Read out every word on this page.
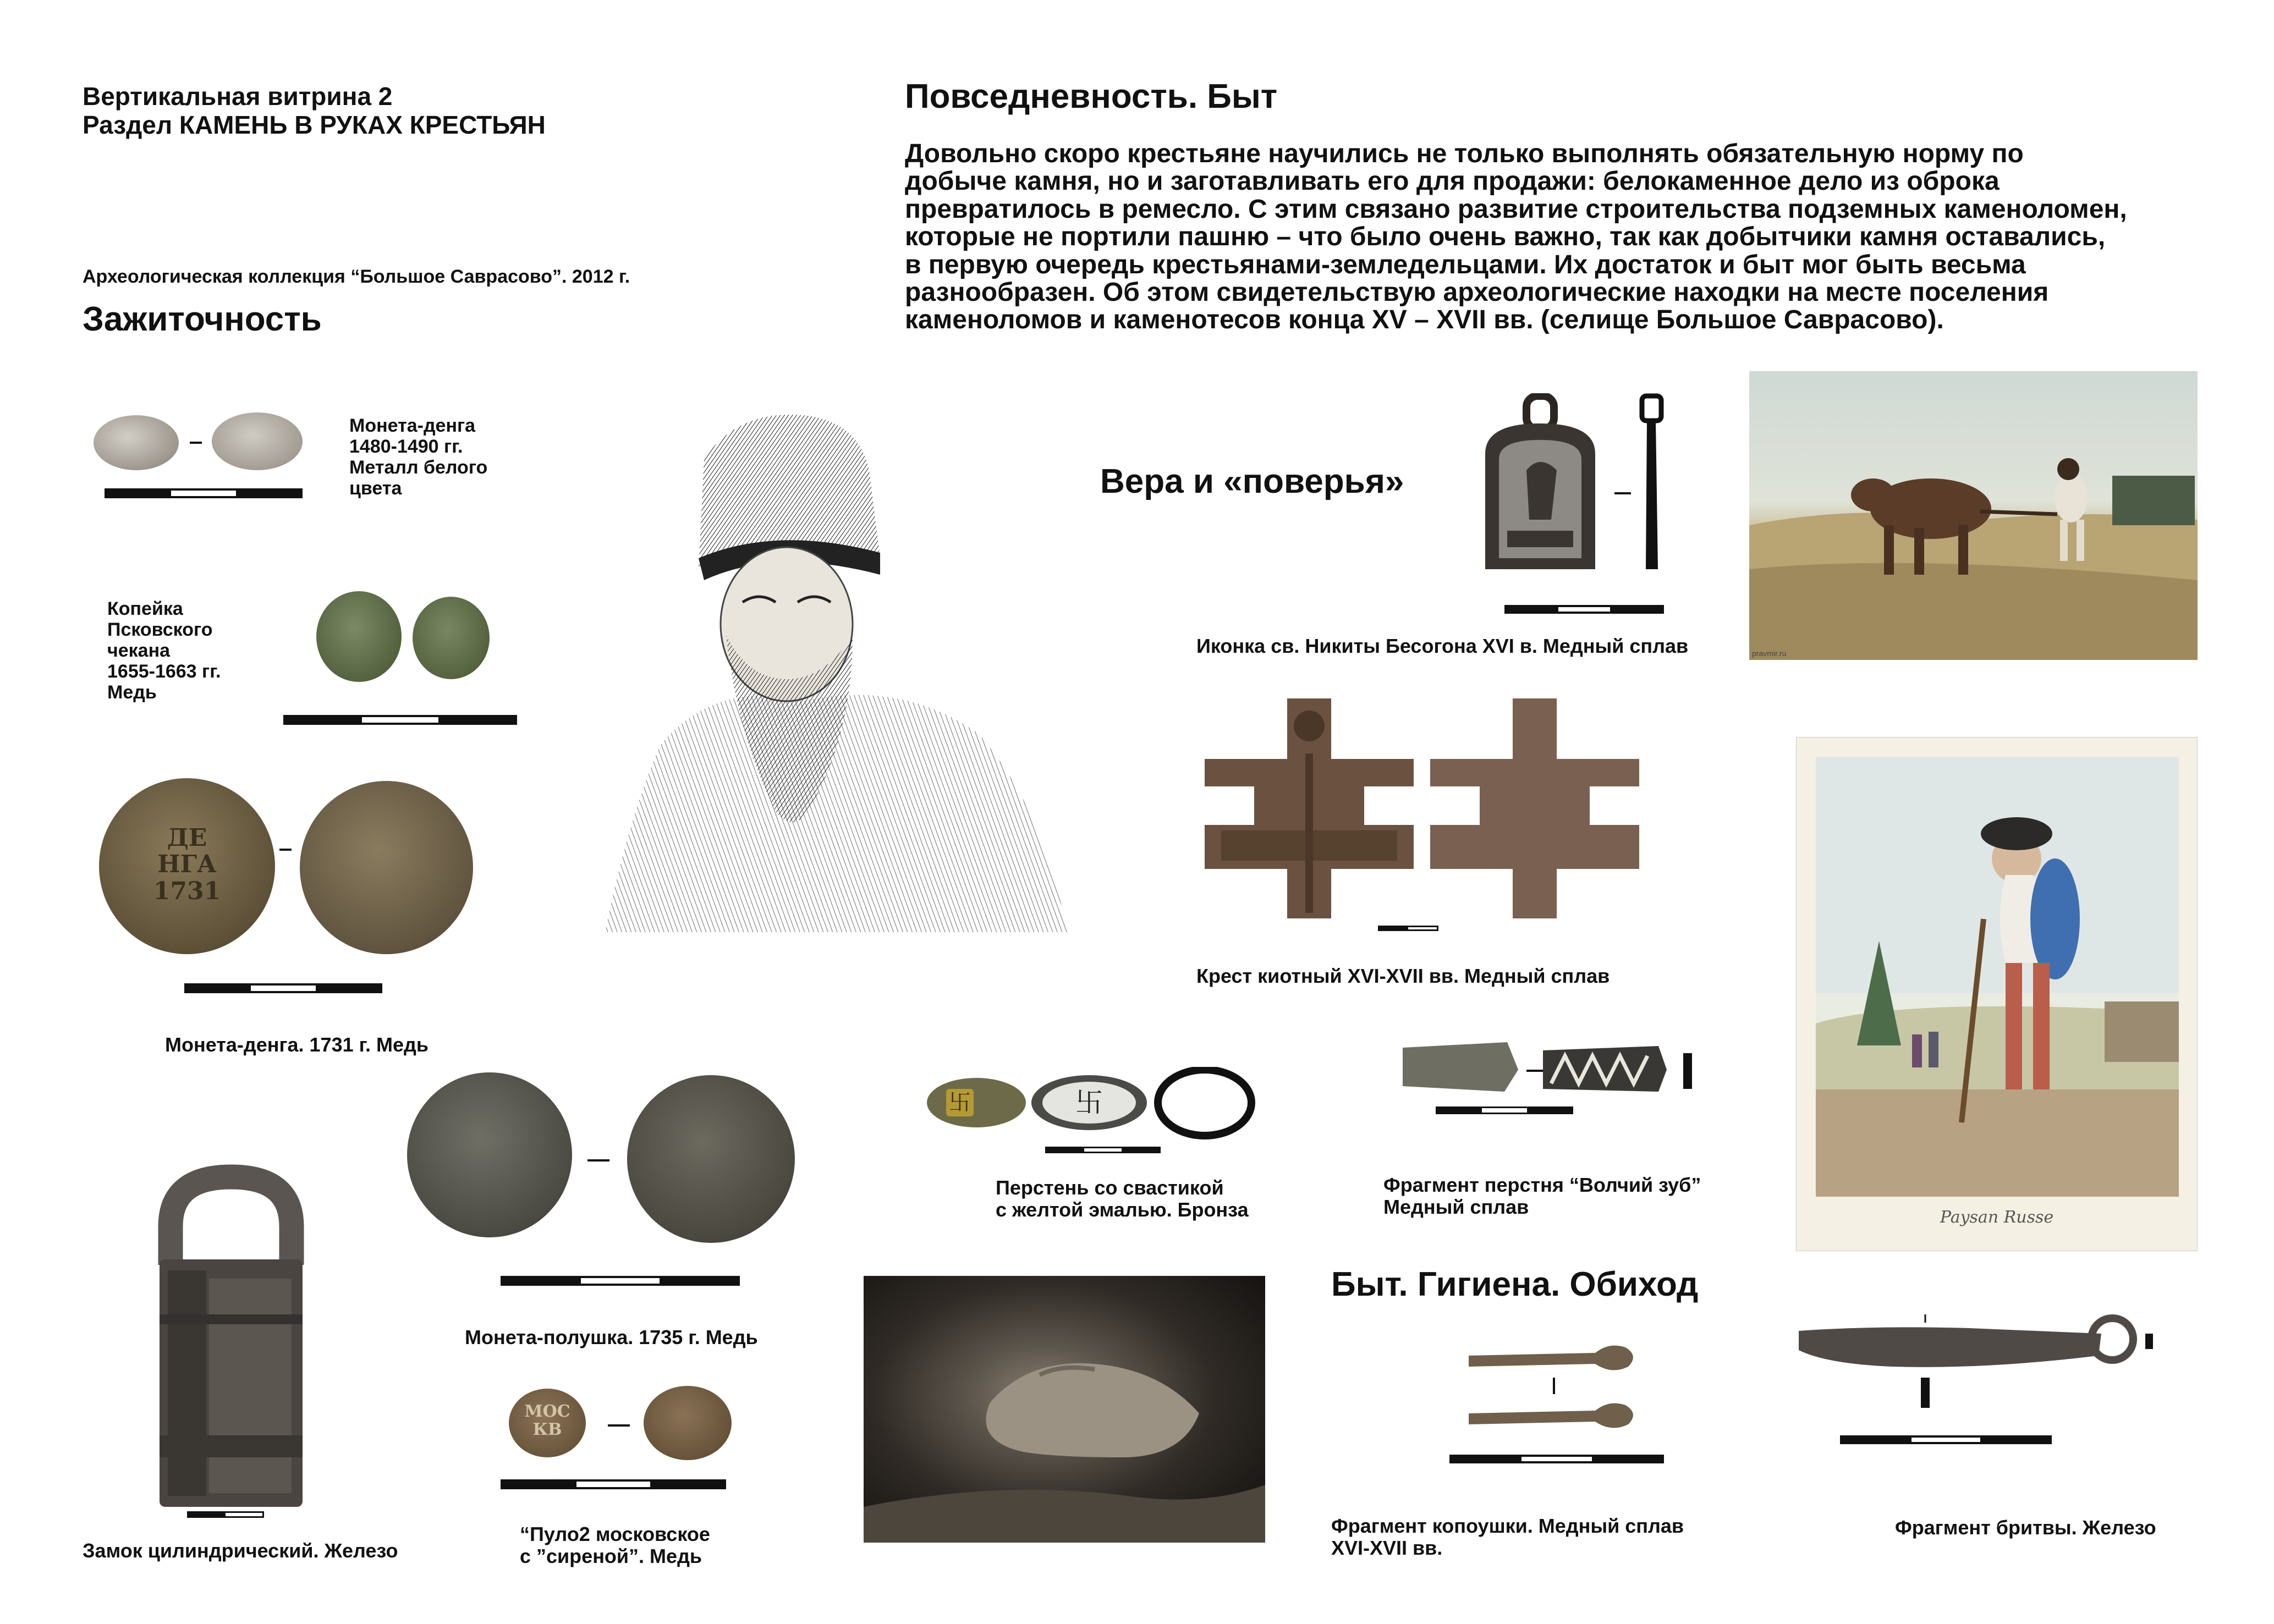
Вертикальная витрина 2
Раздел КАМЕНЬ В РУКАХ КРЕСТЬЯН
Археологическая коллекция “Большое Саврасово”. 2012 г.
Зажиточность
Повседневность. Быт
Довольно скоро крестьяне научились не только выполнять обязательную норму по
добыче камня, но и заготавливать его для продажи: белокаменное дело из оброка
превратилось в ремесло. С этим связано развитие строительства подземных каменоломен,
которые не портили пашню – что было очень важно, так как добытчики камня оставались,
в первую очередь крестьянами-земледельцами. Их достаток и быт мог быть весьма
разнообразен. Об этом свидетельствую археологические находки на месте поселения
каменоломов и каменотесов конца XV – XVII вв. (селище Большое Саврасово).
Монета-денга
1480-1490 гг.
Металл белого
цвета
Копейка
Псковского
чекана
1655-1663 гг.
Медь
ДЕ
НГА
1731
Монета-денга. 1731 г. Медь
Монета-полушка. 1735 г. Медь
МОС
КВ
“Пуло2 московское
с ”сиреной”. Медь
Замок цилиндрический. Железо
Вера и «поверья»
Иконка св. Никиты Бесогона XVI в. Медный сплав	pravmir.ru
Крест киотный XVI-XVII вв. Медный сплав
Paysan Russe
卐	卐
Перстень со свастикой
с желтой эмалью. Бронза
Фрагмент перстня “Волчий зуб”
Медный сплав
Быт. Гигиена. Обиход
Фрагмент копоушки. Медный сплав
XVI-XVII вв.
Фрагмент бритвы. Железо
